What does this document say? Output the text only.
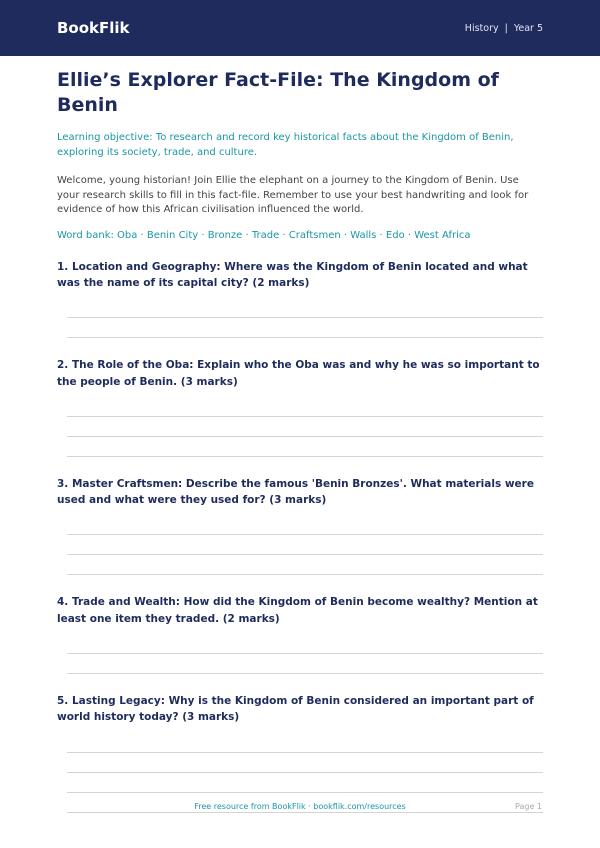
BookFlik	History | Year 5
Ellie’s Explorer Fact-File: The Kingdom of Benin

Learning objective: To research and record key historical facts about the Kingdom of Benin, exploring its society, trade, and culture.

Welcome, young historian! Join Ellie the elephant on a journey to the Kingdom of Benin. Use your research skills to fill in this fact-file. Remember to use your best handwriting and look for evidence of how this African civilisation influenced the world.

Word bank: Oba · Benin City · Bronze · Trade · Craftsmen · Walls · Edo · West Africa

1. Location and Geography: Where was the Kingdom of Benin located and what was the name of its capital city? (2 marks)

2. The Role of the Oba: Explain who the Oba was and why he was so important to the people of Benin. (3 marks)

3. Master Craftsmen: Describe the famous 'Benin Bronzes'. What materials were used and what were they used for? (3 marks)

4. Trade and Wealth: How did the Kingdom of Benin become wealthy? Mention at least one item they traded. (2 marks)

5. Lasting Legacy: Why is the Kingdom of Benin considered an important part of world history today? (3 marks)

Free resource from BookFlik · bookflik.com/resources	Page 1
